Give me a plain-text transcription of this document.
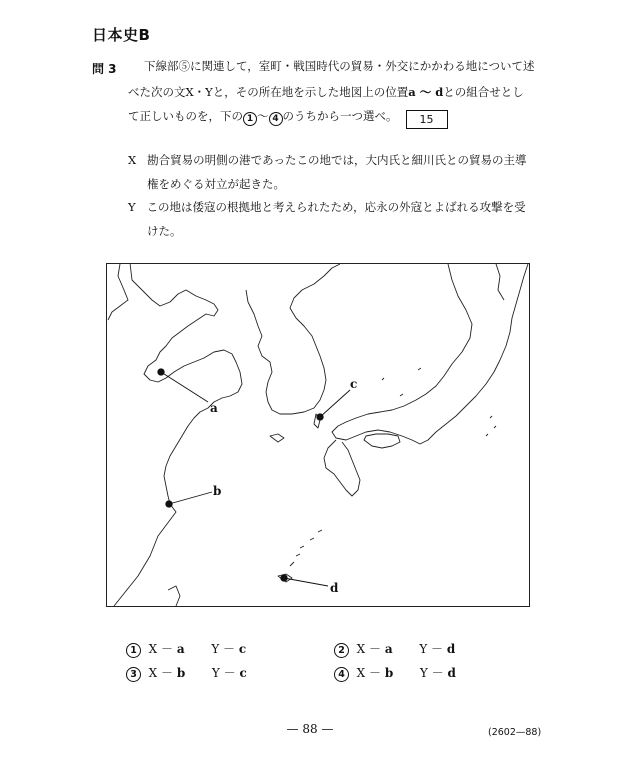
日本史B
問 3 下線部⑤に関連して，室町・戦国時代の貿易・外交にかかわる地について述
べた次の文X・Yと，その所在地を示した地図上の位置a ～ dとの組合せとし
て正しいものを，下の 1 ～ 4 のうちから一つ選べ。 15
X 勘合貿易の明側の港であったこの地では，大内氏と細川氏との貿易の主導
権をめぐる対立が起きた。
Y この地は倭寇の根拠地と考えられたため，応永の外寇とよばれる攻撃を受
けた。
a
b
c
d
1 X － a Y － c	2 X － a Y － d
3 X － b Y － c	4 X － b Y － d
— 88 —	(2602—88)
